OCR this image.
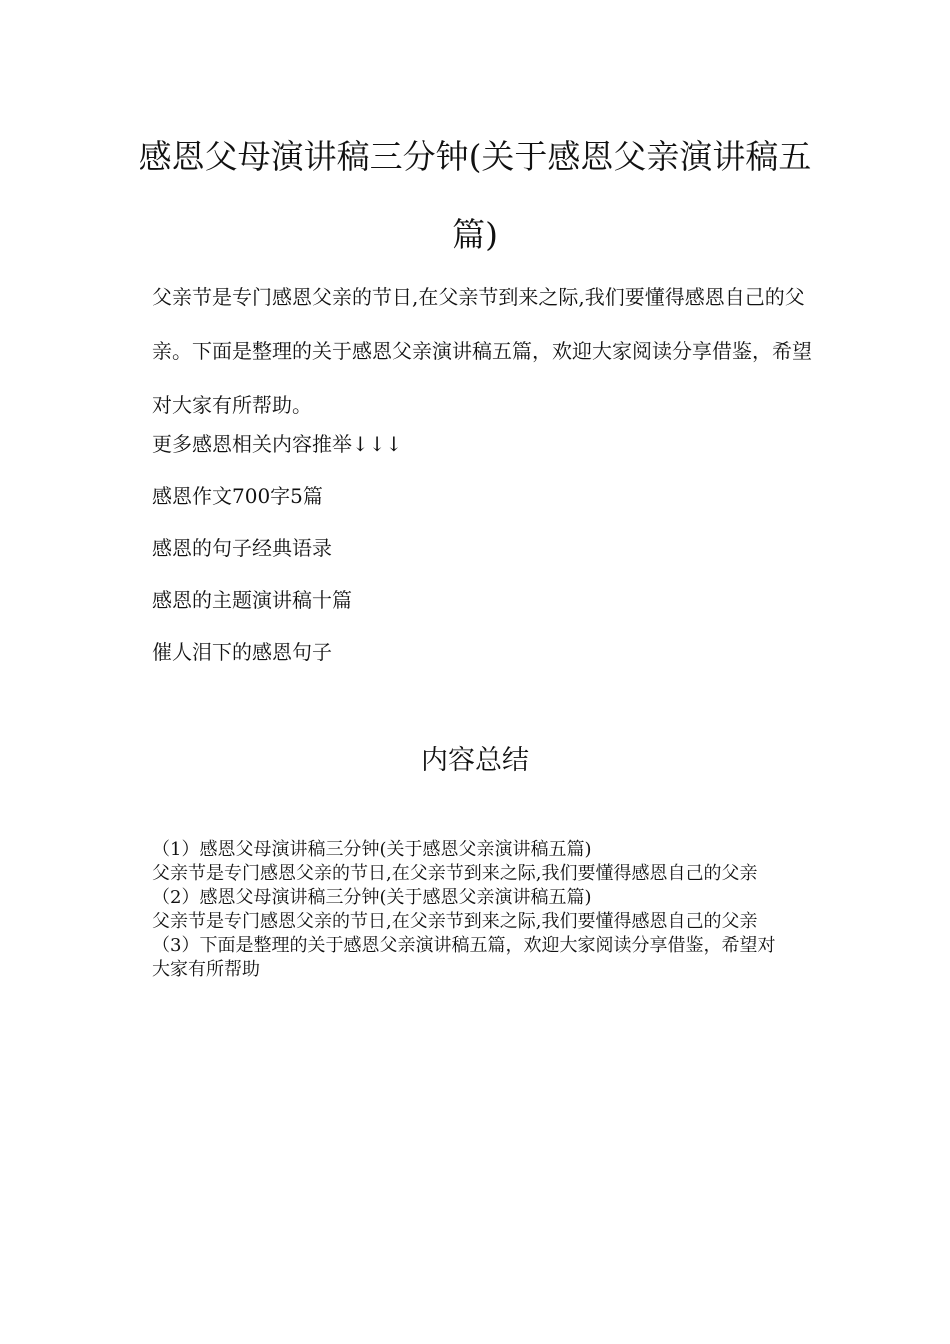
感恩父母演讲稿三分钟(关于感恩父亲演讲稿五篇)

父亲节是专门感恩父亲的节日,在父亲节到来之际,我们要懂得感恩自己的父亲。下面是整理的关于感恩父亲演讲稿五篇，欢迎大家阅读分享借鉴，希望对大家有所帮助。

更多感恩相关内容推举↓↓↓
感恩作文700字5篇
感恩的句子经典语录
感恩的主题演讲稿十篇
催人泪下的感恩句子
内容总结
（1）感恩父母演讲稿三分钟(关于感恩父亲演讲稿五篇)
父亲节是专门感恩父亲的节日,在父亲节到来之际,我们要懂得感恩自己的父亲
（2）感恩父母演讲稿三分钟(关于感恩父亲演讲稿五篇)
父亲节是专门感恩父亲的节日,在父亲节到来之际,我们要懂得感恩自己的父亲
（3）下面是整理的关于感恩父亲演讲稿五篇，欢迎大家阅读分享借鉴，希望对大家有所帮助
